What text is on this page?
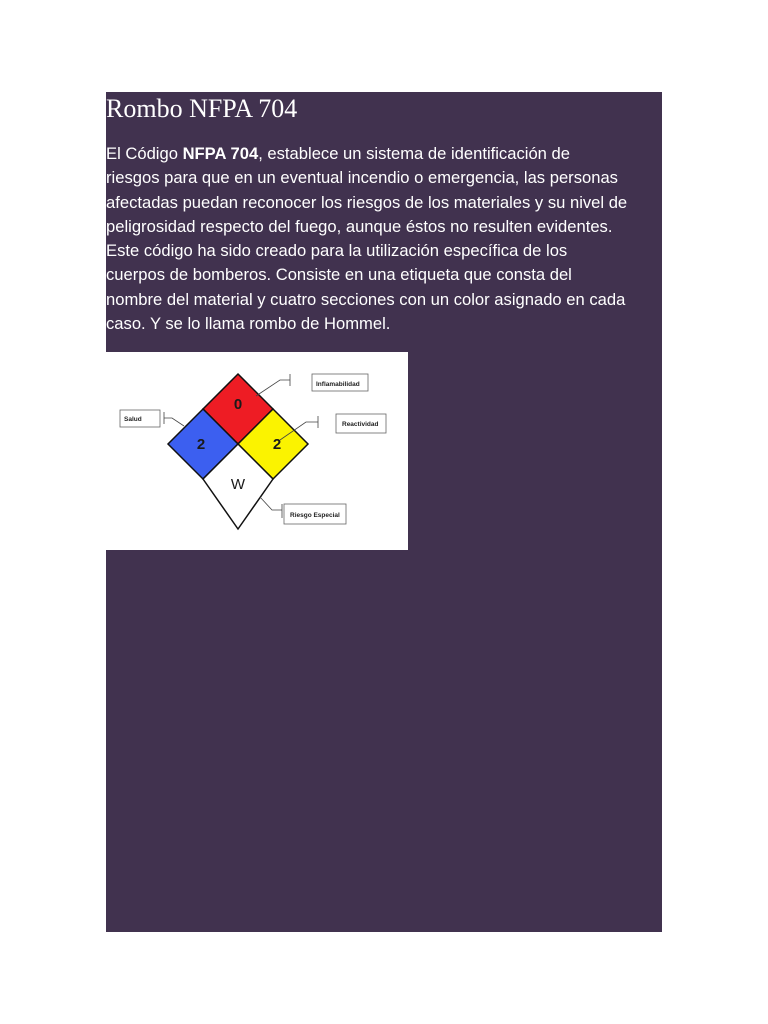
Rombo NFPA 704

El Código NFPA 704, establece un sistema de identificación de
riesgos para que en un eventual incendio o emergencia, las personas
afectadas puedan reconocer los riesgos de los materiales y su nivel de
peligrosidad respecto del fuego, aunque éstos no resulten evidentes.
Este código ha sido creado para la utilización específica de los
cuerpos de bomberos. Consiste en una etiqueta que consta del
nombre del material y cuatro secciones con un color asignado en cada
caso. Y se lo llama rombo de Hommel.

0
2	2
W
Inflamabilidad
Salud
Reactividad
Riesgo Especial
